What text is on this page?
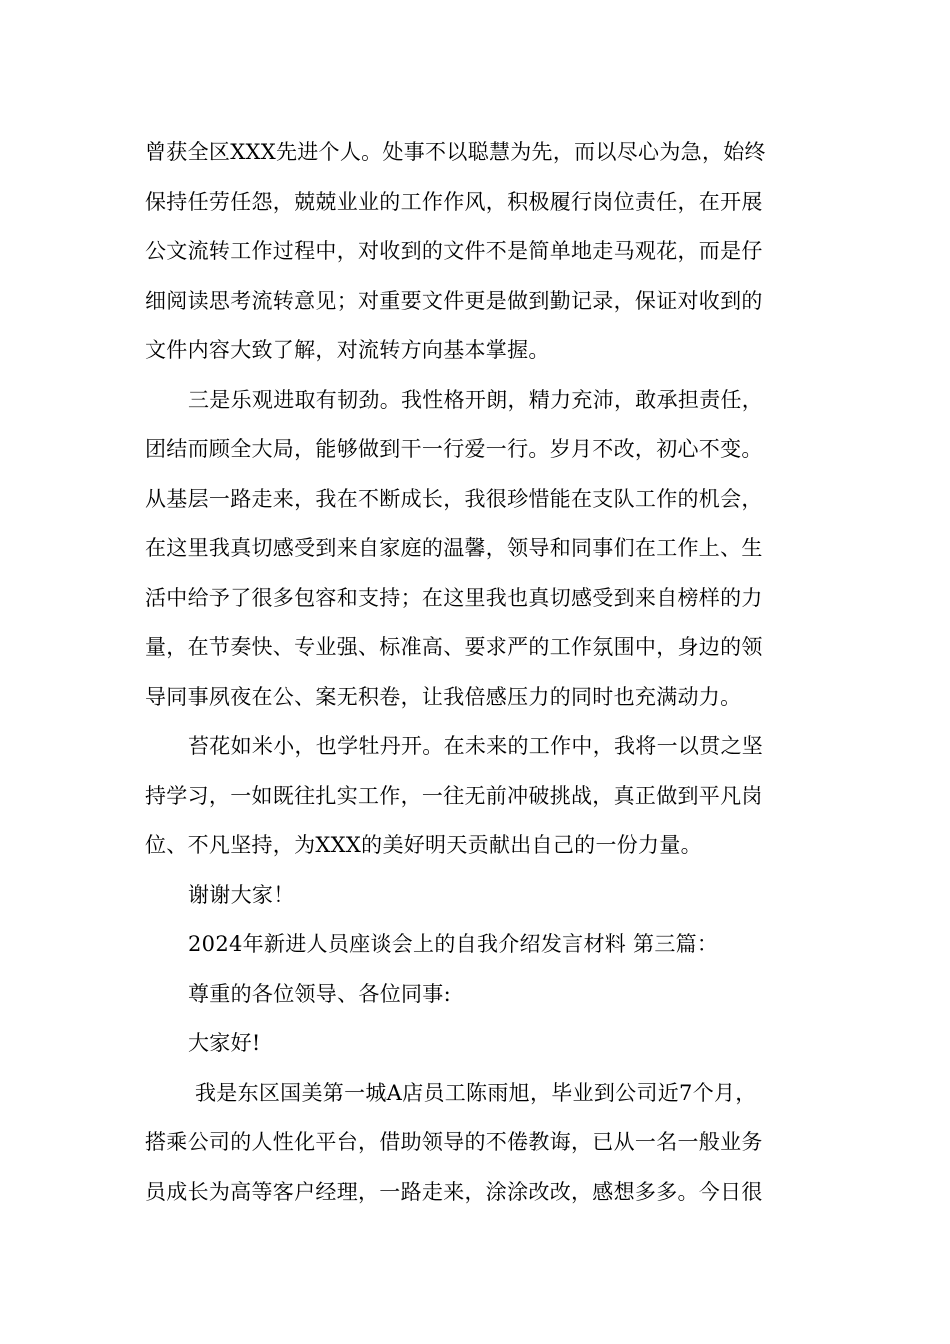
曾获全区XXX先进个人。处事不以聪慧为先，而以尽心为急，始终
保持任劳任怨，兢兢业业的工作作风，积极履行岗位责任，在开展
公文流转工作过程中，对收到的文件不是简单地走马观花，而是仔
细阅读思考流转意见；对重要文件更是做到勤记录，保证对收到的
文件内容大致了解，对流转方向基本掌握。
三是乐观进取有韧劲。我性格开朗，精力充沛，敢承担责任，
团结而顾全大局，能够做到干一行爱一行。岁月不改，初心不变。
从基层一路走来，我在不断成长，我很珍惜能在支队工作的机会，
在这里我真切感受到来自家庭的温馨，领导和同事们在工作上、生
活中给予了很多包容和支持；在这里我也真切感受到来自榜样的力
量，在节奏快、专业强、标准高、要求严的工作氛围中，身边的领
导同事夙夜在公、案无积卷，让我倍感压力的同时也充满动力。
苔花如米小，也学牡丹开。在未来的工作中，我将一以贯之坚
持学习，一如既往扎实工作，一往无前冲破挑战，真正做到平凡岗
位、不凡坚持，为XXX的美好明天贡献出自己的一份力量。
谢谢大家！
2024年新进人员座谈会上的自我介绍发言材料 第三篇：
尊重的各位领导、各位同事:
大家好!
我是东区国美第一城A店员工陈雨旭，毕业到公司近7个月，
搭乘公司的人性化平台，借助领导的不倦教诲，已从一名一般业务
员成长为高等客户经理，一路走来，涂涂改改，感想多多。今日很
